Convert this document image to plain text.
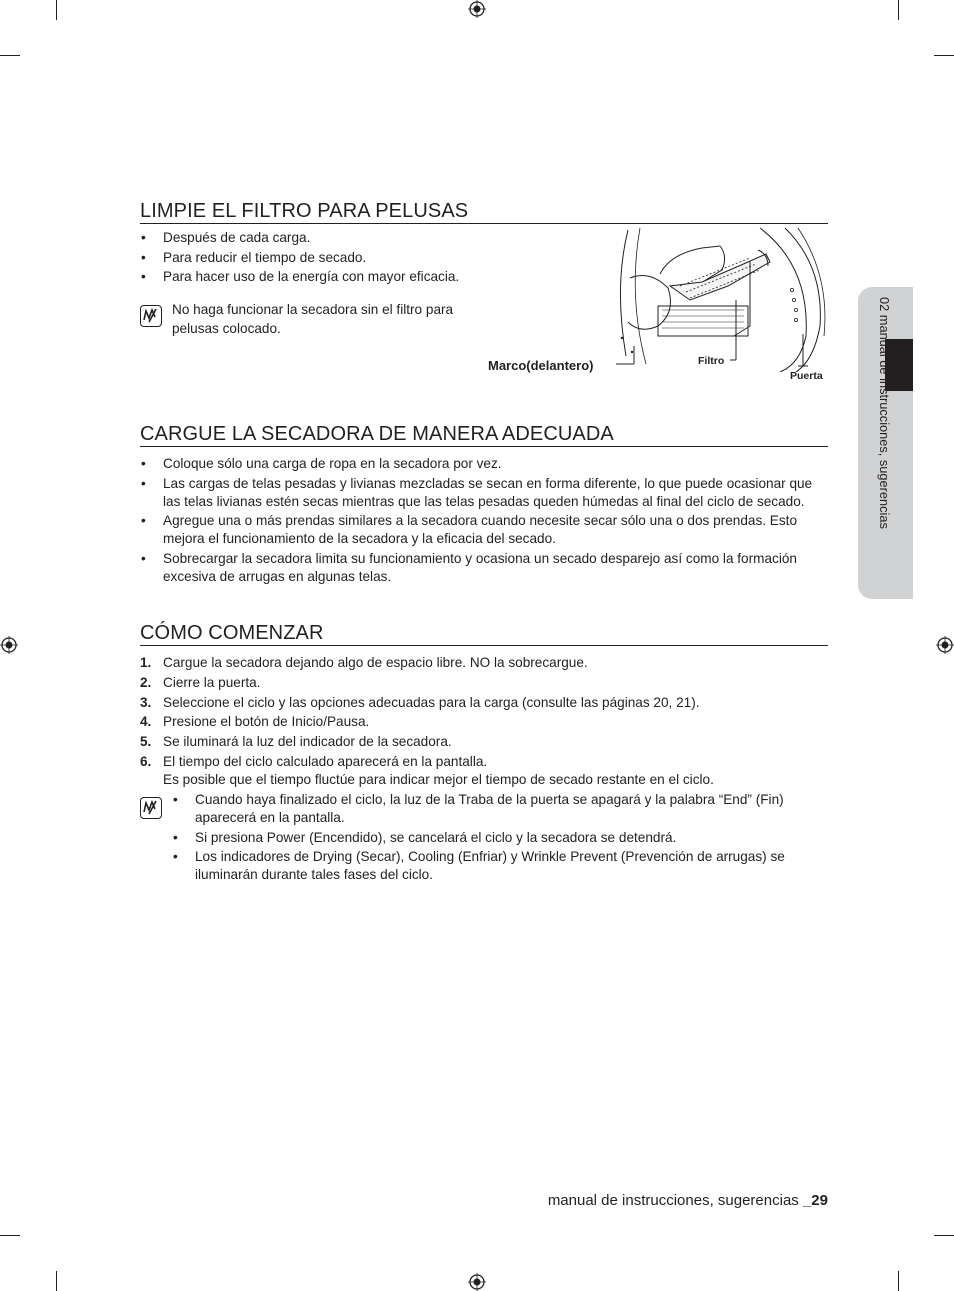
LIMPIE EL FILTRO PARA PELUSAS
• Después de cada carga.
• Para reducir el tiempo de secado.
• Para hacer uso de la energía con mayor eficacia.
No haga funcionar la secadora sin el filtro para pelusas colocado.
Marco(delantero)	Filtro
Puerta
CARGUE LA SECADORA DE MANERA ADECUADA
• Coloque sólo una carga de ropa en la secadora por vez.
• Las cargas de telas pesadas y livianas mezcladas se secan en forma diferente, lo que puede ocasionar que las telas livianas estén secas mientras que las telas pesadas queden húmedas al final del ciclo de secado.
• Agregue una o más prendas similares a la secadora cuando necesite secar sólo una o dos prendas. Esto mejora el funcionamiento de la secadora y la eficacia del secado.
• Sobrecargar la secadora limita su funcionamiento y ocasiona un secado desparejo así como la formación excesiva de arrugas en algunas telas.
CÓMO COMENZAR
1. Cargue la secadora dejando algo de espacio libre. NO la sobrecargue.
2. Cierre la puerta.
3. Seleccione el ciclo y las opciones adecuadas para la carga (consulte las páginas 20, 21).
4. Presione el botón de Inicio/Pausa.
5. Se iluminará la luz del indicador de la secadora.
6. El tiempo del ciclo calculado aparecerá en la pantalla.
Es posible que el tiempo fluctúe para indicar mejor el tiempo de secado restante en el ciclo.
• Cuando haya finalizado el ciclo, la luz de la Traba de la puerta se apagará y la palabra “End” (Fin) aparecerá en la pantalla.
• Si presiona Power (Encendido), se cancelará el ciclo y la secadora se detendrá.
• Los indicadores de Drying (Secar), Cooling (Enfriar) y Wrinkle Prevent (Prevención de arrugas) se iluminarán durante tales fases del ciclo.
02 manual de instrucciones, sugerencias
manual de instrucciones, sugerencias _29
